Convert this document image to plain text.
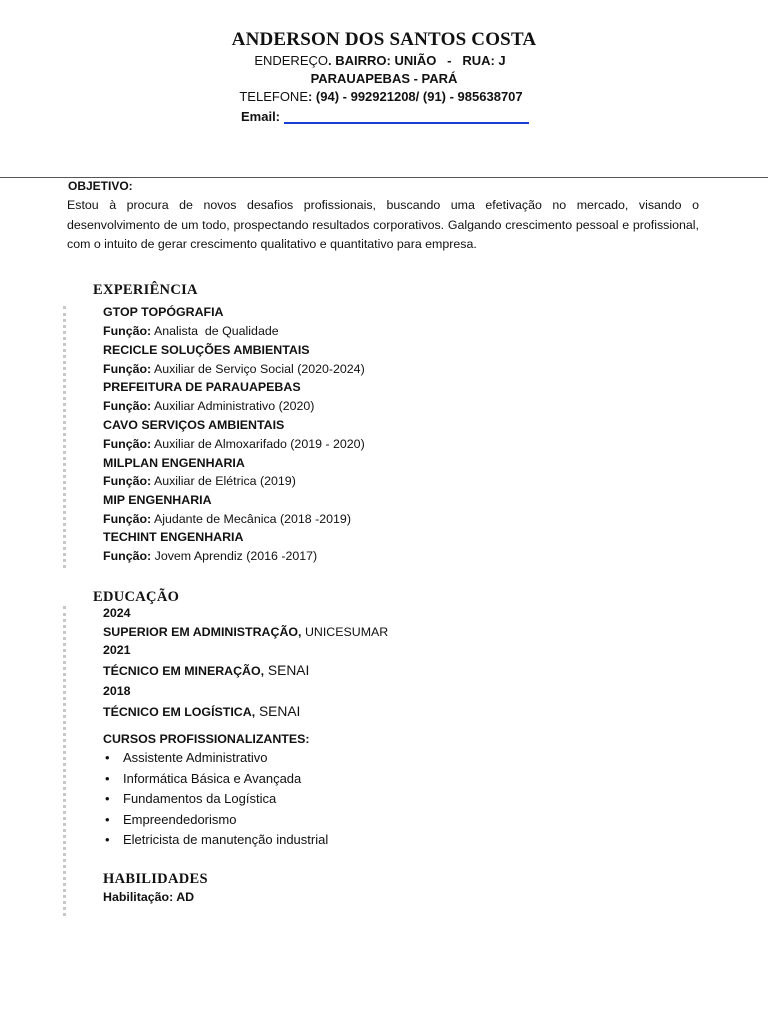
ANDERSON DOS SANTOS COSTA
ENDEREÇO. BAIRRO: UNIÃO   -   RUA: J
PARAUAPEBAS - PARÁ
TELEFONE: (94) - 992921208/ (91) - 985638707
Email:
OBJETIVO:
Estou à procura de novos desafios profissionais, buscando uma efetivação no mercado, visando o desenvolvimento de um todo, prospectando resultados corporativos. Galgando crescimento pessoal e profissional, com o intuito de gerar crescimento qualitativo e quantitativo para empresa.
EXPERIÊNCIA
GTOP TOPÓGRAFIA
Função: Analista  de Qualidade
RECICLE SOLUÇÕES AMBIENTAIS
Função: Auxiliar de Serviço Social (2020-2024)
PREFEITURA DE PARAUAPEBAS
Função: Auxiliar Administrativo (2020)
CAVO SERVIÇOS AMBIENTAIS
Função: Auxiliar de Almoxarifado (2019 - 2020)
MILPLAN ENGENHARIA
Função: Auxiliar de Elétrica (2019)
MIP ENGENHARIA
Função: Ajudante de Mecânica (2018 -2019)
TECHINT ENGENHARIA
Função: Jovem Aprendiz (2016 -2017)
EDUCAÇÃO
2024
SUPERIOR EM ADMINISTRAÇÃO, UNICESUMAR
2021
TÉCNICO EM MINERAÇÃO, SENAI
2018
TÉCNICO EM LOGÍSTICA, SENAI
CURSOS PROFISSIONALIZANTES:
• Assistente Administrativo
• Informática Básica e Avançada
• Fundamentos da Logística
• Empreendedorismo
• Eletricista de manutenção industrial
HABILIDADES
Habilitação: AD
